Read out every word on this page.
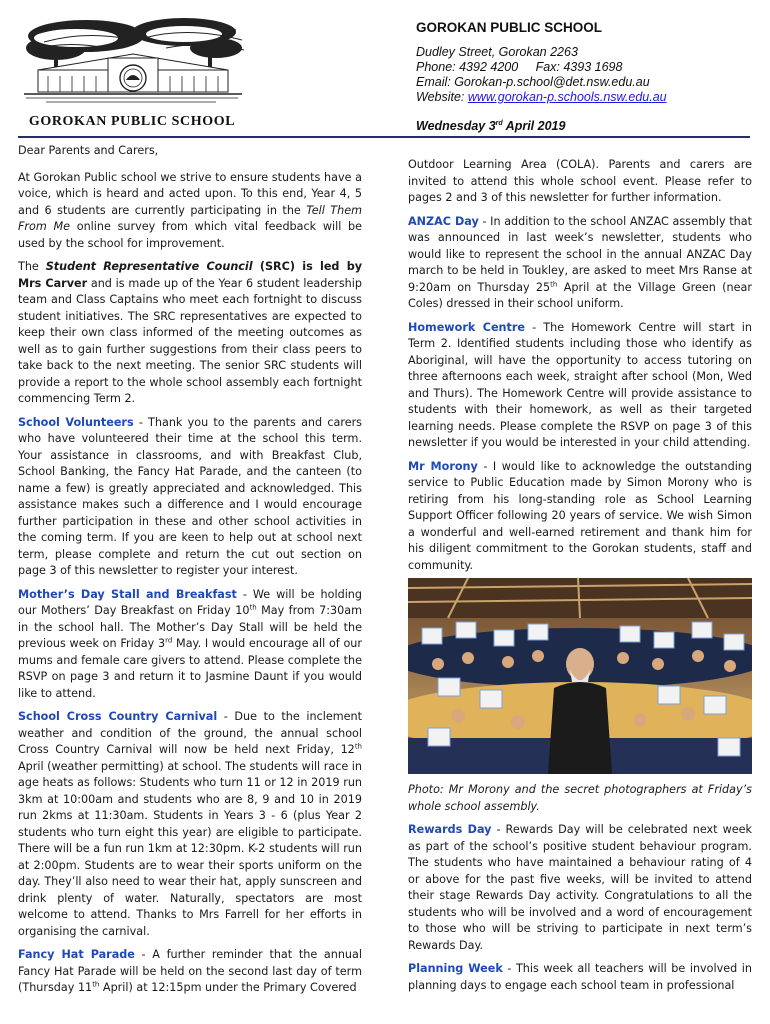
GOROKAN PUBLIC SCHOOL
GOROKAN PUBLIC SCHOOL
Dudley Street, Gorokan 2263
Phone: 4392 4200 Fax: 4393 1698
Email: Gorokan-p.school@det.nsw.edu.au
Website: www.gorokan-p.schools.nsw.edu.au
Wednesday 3rd April 2019

Dear Parents and Carers,

At Gorokan Public school we strive to ensure students have a voice, which is heard and acted upon. To this end, Year 4, 5 and 6 students are currently participating in the Tell Them From Me online survey from which vital feedback will be used by the school for improvement.

The Student Representative Council (SRC) is led by Mrs Carver and is made up of the Year 6 student leadership team and Class Captains who meet each fortnight to discuss student initiatives. The SRC representatives are expected to keep their own class informed of the meeting outcomes as well as to gain further suggestions from their class peers to take back to the next meeting. The senior SRC students will provide a report to the whole school assembly each fortnight commencing Term 2.

School Volunteers - Thank you to the parents and carers who have volunteered their time at the school this term. Your assistance in classrooms, and with Breakfast Club, School Banking, the Fancy Hat Parade, and the canteen (to name a few) is greatly appreciated and acknowledged. This assistance makes such a difference and I would encourage further participation in these and other school activities in the coming term. If you are keen to help out at school next term, please complete and return the cut out section on page 3 of this newsletter to register your interest.

Mother’s Day Stall and Breakfast - We will be holding our Mothers’ Day Breakfast on Friday 10th May from 7:30am in the school hall. The Mother’s Day Stall will be held the previous week on Friday 3rd May. I would encourage all of our mums and female care givers to attend. Please complete the RSVP on page 3 and return it to Jasmine Daunt if you would like to attend.

School Cross Country Carnival - Due to the inclement weather and condition of the ground, the annual school Cross Country Carnival will now be held next Friday, 12th April (weather permitting) at school. The students will race in age heats as follows: Students who turn 11 or 12 in 2019 run 3km at 10:00am and students who are 8, 9 and 10 in 2019 run 2kms at 11:30am. Students in Years 3 - 6 (plus Year 2 students who turn eight this year) are eligible to participate. There will be a fun run 1km at 12:30pm. K-2 students will run at 2:00pm. Students are to wear their sports uniform on the day. They’ll also need to wear their hat, apply sunscreen and drink plenty of water. Naturally, spectators are most welcome to attend. Thanks to Mrs Farrell for her efforts in organising the carnival.

Fancy Hat Parade - A further reminder that the annual Fancy Hat Parade will be held on the second last day of term (Thursday 11th April) at 12:15pm under the Primary Covered

Outdoor Learning Area (COLA). Parents and carers are invited to attend this whole school event. Please refer to pages 2 and 3 of this newsletter for further information.

ANZAC Day - In addition to the school ANZAC assembly that was announced in last week’s newsletter, students who would like to represent the school in the annual ANZAC Day march to be held in Toukley, are asked to meet Mrs Ranse at 9:20am on Thursday 25th April at the Village Green (near Coles) dressed in their school uniform.

Homework Centre - The Homework Centre will start in Term 2. Identified students including those who identify as Aboriginal, will have the opportunity to access tutoring on three afternoons each week, straight after school (Mon, Wed and Thurs). The Homework Centre will provide assistance to students with their homework, as well as their targeted learning needs. Please complete the RSVP on page 3 of this newsletter if you would be interested in your child attending.

Mr Morony - I would like to acknowledge the outstanding service to Public Education made by Simon Morony who is retiring from his long-standing role as School Learning Support Officer following 20 years of service. We wish Simon a wonderful and well-earned retirement and thank him for his diligent commitment to the Gorokan students, staff and community.

Photo: Mr Morony and the secret photographers at Friday’s whole school assembly.

Rewards Day - Rewards Day will be celebrated next week as part of the school’s positive student behaviour program. The students who have maintained a behaviour rating of 4 or above for the past five weeks, will be invited to attend their stage Rewards Day activity. Congratulations to all the students who will be involved and a word of encouragement to those who will be striving to participate in next term’s Rewards Day.

Planning Week - This week all teachers will be involved in planning days to engage each school team in professional
